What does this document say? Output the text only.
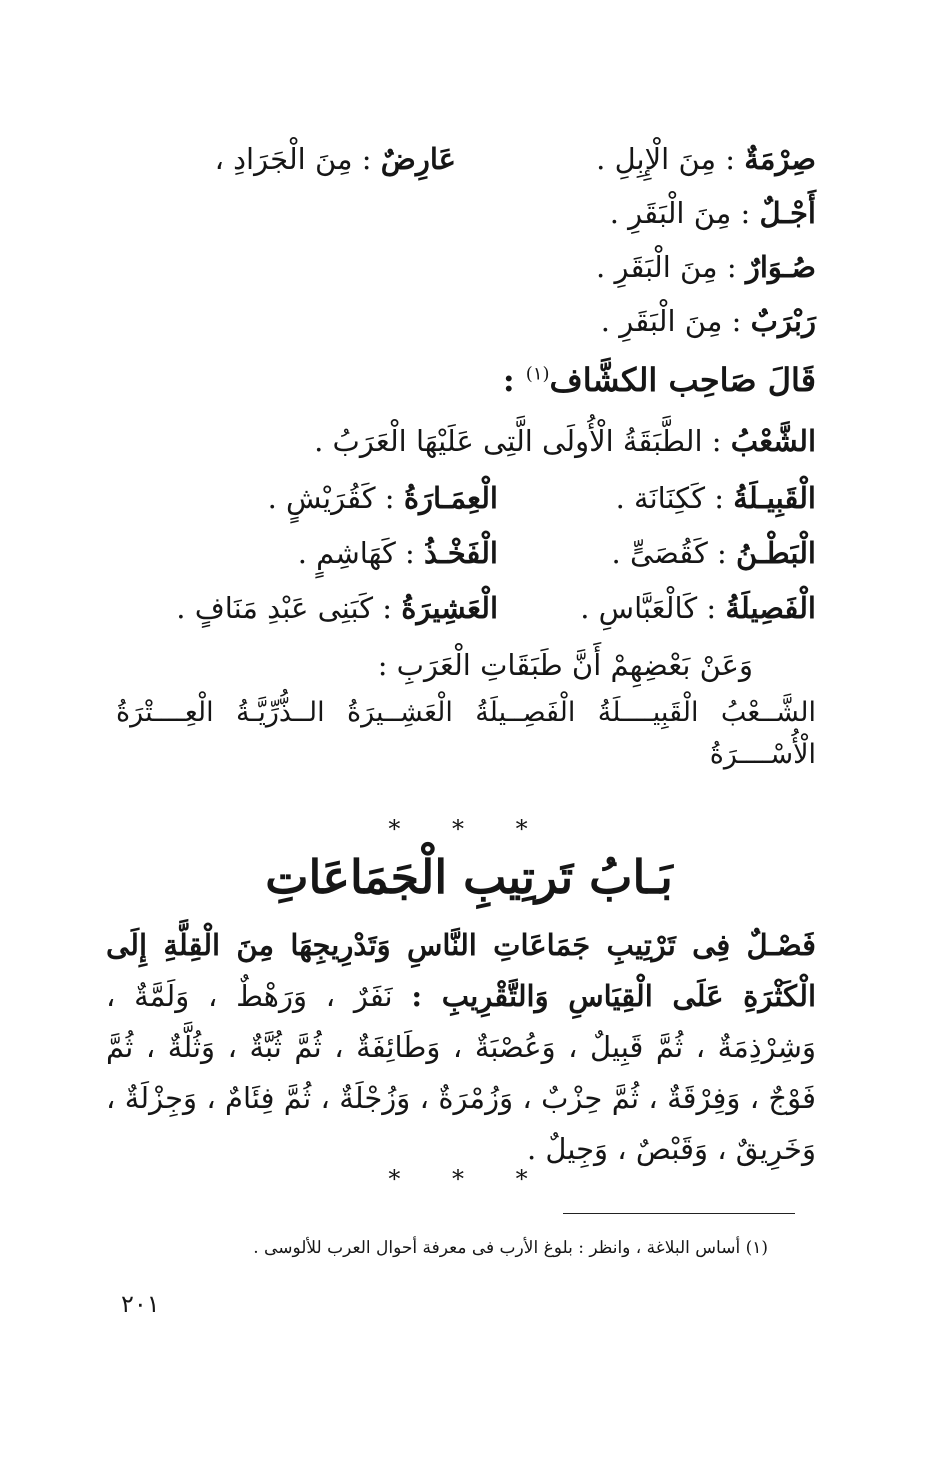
صِرْمَةٌ : مِنَ الْإِبِلِ .
عَارِضٌ : مِنَ الْجَرَادِ ،
أَجْـلٌ : مِنَ الْبَقَرِ .
صُـوَارٌ : مِنَ الْبَقَرِ .
رَبْرَبٌ : مِنَ الْبَقَرِ .
قَالَ صَاحِب الكشَّاف$^{(١)}$ :
الشَّعْبُ : الطَّبَقَةُ الْأُولَى الَّتِى عَلَيْهَا الْعَرَبُ .
الْقَبِيـلَةُ : كَكِنَانَة .
الْعِمَـارَةُ : كَقُرَيْشٍ .
الْبَطْـنُ : كَقُصَىٍّ .
الْفَخْـذُ : كَهَاشِمٍ .
الْفَصِيلَةُ : كَالْعَبَّاسِ .
الْعَشِيرَةُ : كَبَنِى عَبْدِ مَنَافٍ .
وَعَنْ بَعْضِهِمْ أَنَّ طَبَقَاتِ الْعَرَبِ :
الشَّــعْبُ
الْقَبِيــــلَةُ
الْفَصِــيلَةُ
الْعَشِــيرَةُ
الــذُّرِّيَّـةُ
الْعِــــتْرَةُ
الْأُسْــــرَةُ
* * *
بَـابُ تَرتِيبِ الْجَمَاعَاتِ
فَصْـلٌ فِى تَرْتِيبِ جَمَاعَاتِ النَّاسِ وَتَدْرِيجِهَا مِنَ الْقِلَّةِ إِلَى الْكَثْرَةِ عَلَى الْقِيَاسِ وَالتَّقْرِيبِ : نَفَرٌ ، وَرَهْطٌ ، وَلَمَّةٌ ، وَشِرْذِمَةٌ ، ثُمَّ قَبِيلٌ ، وَعُصْبَةٌ ، وَطَائِفَةٌ ، ثُمَّ ثُبَّةٌ ، وَثُلَّةٌ ، ثُمَّ فَوْجٌ ، وَفِرْقَةٌ ، ثُمَّ حِزْبٌ ، وَزُمْرَةٌ ، وَزُجْلَةٌ ، ثُمَّ فِئَامٌ ، وَجِزْلَةٌ ، وَخَرِيقٌ ، وَقَبْصٌ ، وَجِيلٌ .
* * *
(١) أساس البلاغة ، وانظر : بلوغ الأرب فى معرفة أحوال العرب للألوسى .
٢٠١
